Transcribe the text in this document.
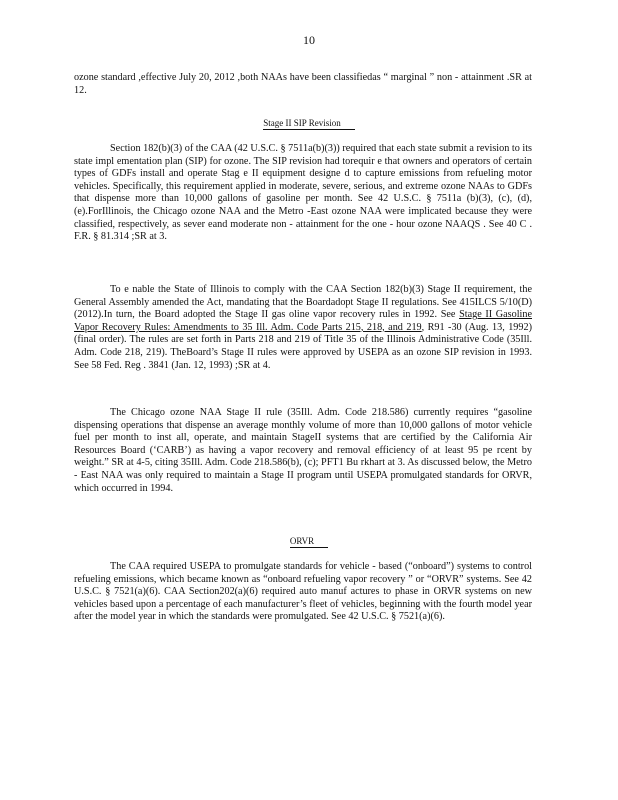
10

ozone standard ,effective July 20, 2012 ,both NAAs have been classifiedas “ marginal ” non - attainment .SR at 12.

Stage II SIP Revision

Section 182(b)(3) of the CAA (42 U.S.C. § 7511a(b)(3)) required that each state submit a revision to its state impl ementation plan (SIP) for ozone. The SIP revision had torequir e that owners and operators of certain types of GDFs install and operate Stag e II equipment designe d to capture emissions from refueling motor vehicles. Specifically, this requirement applied in moderate, severe, serious, and extreme ozone NAAs to GDFs that dispense more than 10,000 gallons of gasoline per month. See 42 U.S.C. § 7511a (b)(3), (c), (d), (e).ForIllinois, the Chicago ozone NAA and the Metro -East ozone NAA were implicated because they were classified, respectively, as sever eand moderate non - attainment for the one - hour ozone NAAQS . See 40 C . F.R. § 81.314 ;SR at 3.

To e nable the State of Illinois to comply with the CAA Section 182(b)(3) Stage II requirement, the General Assembly amended the Act, mandating that the Boardadopt Stage II regulations. See 415ILCS 5/10(D) (2012).In turn, the Board adopted the Stage II gas oline vapor recovery rules in 1992. See Stage II Gasoline Vapor Recovery Rules: Amendments to 35 Ill. Adm. Code Parts 215, 218, and 219, R91 -30 (Aug. 13, 1992) (final order). The rules are set forth in Parts 218 and 219 of Title 35 of the Illinois Administrative Code (35Ill. Adm. Code 218, 219). TheBoard’s Stage II rules were approved by USEPA as an ozone SIP revision in 1993. See 58 Fed. Reg . 3841 (Jan. 12, 1993) ;SR at 4.

The Chicago ozone NAA Stage II rule (35Ill. Adm. Code 218.586) currently requires “gasoline dispensing operations that dispense an average monthly volume of more than 10,000 gallons of motor vehicle fuel per month to inst all, operate, and maintain StageII systems that are certified by the California Air Resources Board (‘CARB’) as having a vapor recovery and removal efficiency of at least 95 pe rcent by weight.” SR at 4-5, citing 35Ill. Adm. Code 218.586(b), (c); PFT1 Bu rkhart at 3. As discussed below, the Metro - East NAA was only required to maintain a Stage II program until USEPA promulgated standards for ORVR, which occurred in 1994.

ORVR

The CAA required USEPA to promulgate standards for vehicle - based (“onboard”) systems to control refueling emissions, which became known as “onboard refueling vapor recovery ” or “ORVR” systems. See 42 U.S.C. § 7521(a)(6). CAA Section202(a)(6) required auto manuf actures to phase in ORVR systems on new vehicles based upon a percentage of each manufacturer’s fleet of vehicles, beginning with the fourth model year after the model year in which the standards were promulgated. See 42 U.S.C. § 7521(a)(6).
